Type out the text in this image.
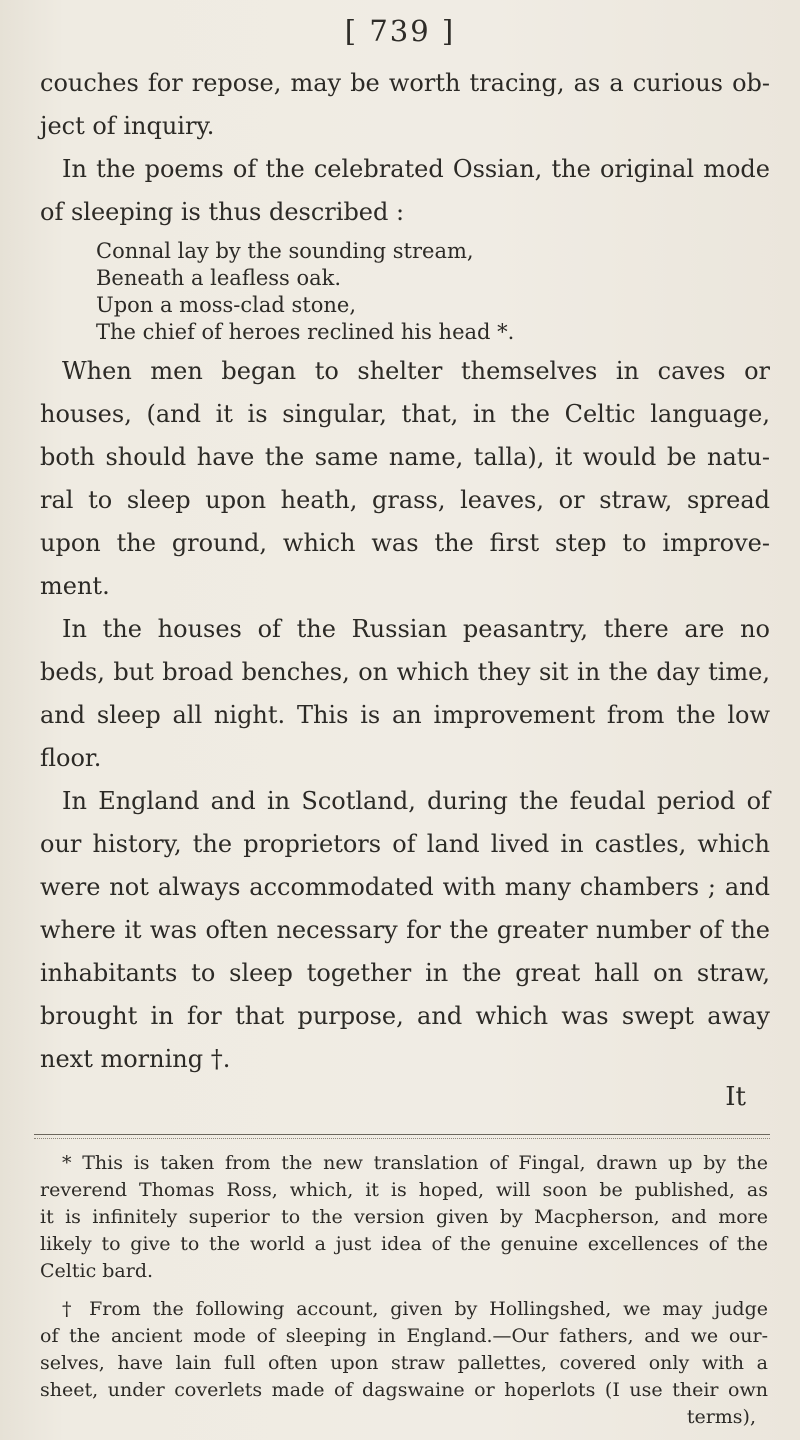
[ 739 ]
couches for repose, may be worth tracing, as a curious ob-
ject of inquiry.
In the poems of the celebrated Ossian, the original mode
of sleeping is thus described :
Connal lay by the sounding stream,
Beneath a leafless oak.
Upon a moss-clad stone,
The chief of heroes reclined his head *.
When men began to shelter themselves in caves or
houses, (and it is singular, that, in the Celtic language,
both should have the same name, talla), it would be natu-
ral to sleep upon heath, grass, leaves, or straw, spread
upon the ground, which was the first step to improve-
ment.
In the houses of the Russian peasantry, there are no
beds, but broad benches, on which they sit in the day time,
and sleep all night. This is an improvement from the low
floor.
In England and in Scotland, during the feudal period of
our history, the proprietors of land lived in castles, which
were not always accommodated with many chambers ; and
where it was often necessary for the greater number of the
inhabitants to sleep together in the great hall on straw,
brought in for that purpose, and which was swept away
next morning †.
It
* This is taken from the new translation of Fingal, drawn up by the
reverend Thomas Ross, which, it is hoped, will soon be published, as
it is infinitely superior to the version given by Macpherson, and more
likely to give to the world a just idea of the genuine excellences of the
Celtic bard.
† From the following account, given by Hollingshed, we may judge
of the ancient mode of sleeping in England.—Our fathers, and we our-
selves, have lain full often upon straw pallettes, covered only with a
sheet, under coverlets made of dagswaine or hoperlots (I use their own
terms),
